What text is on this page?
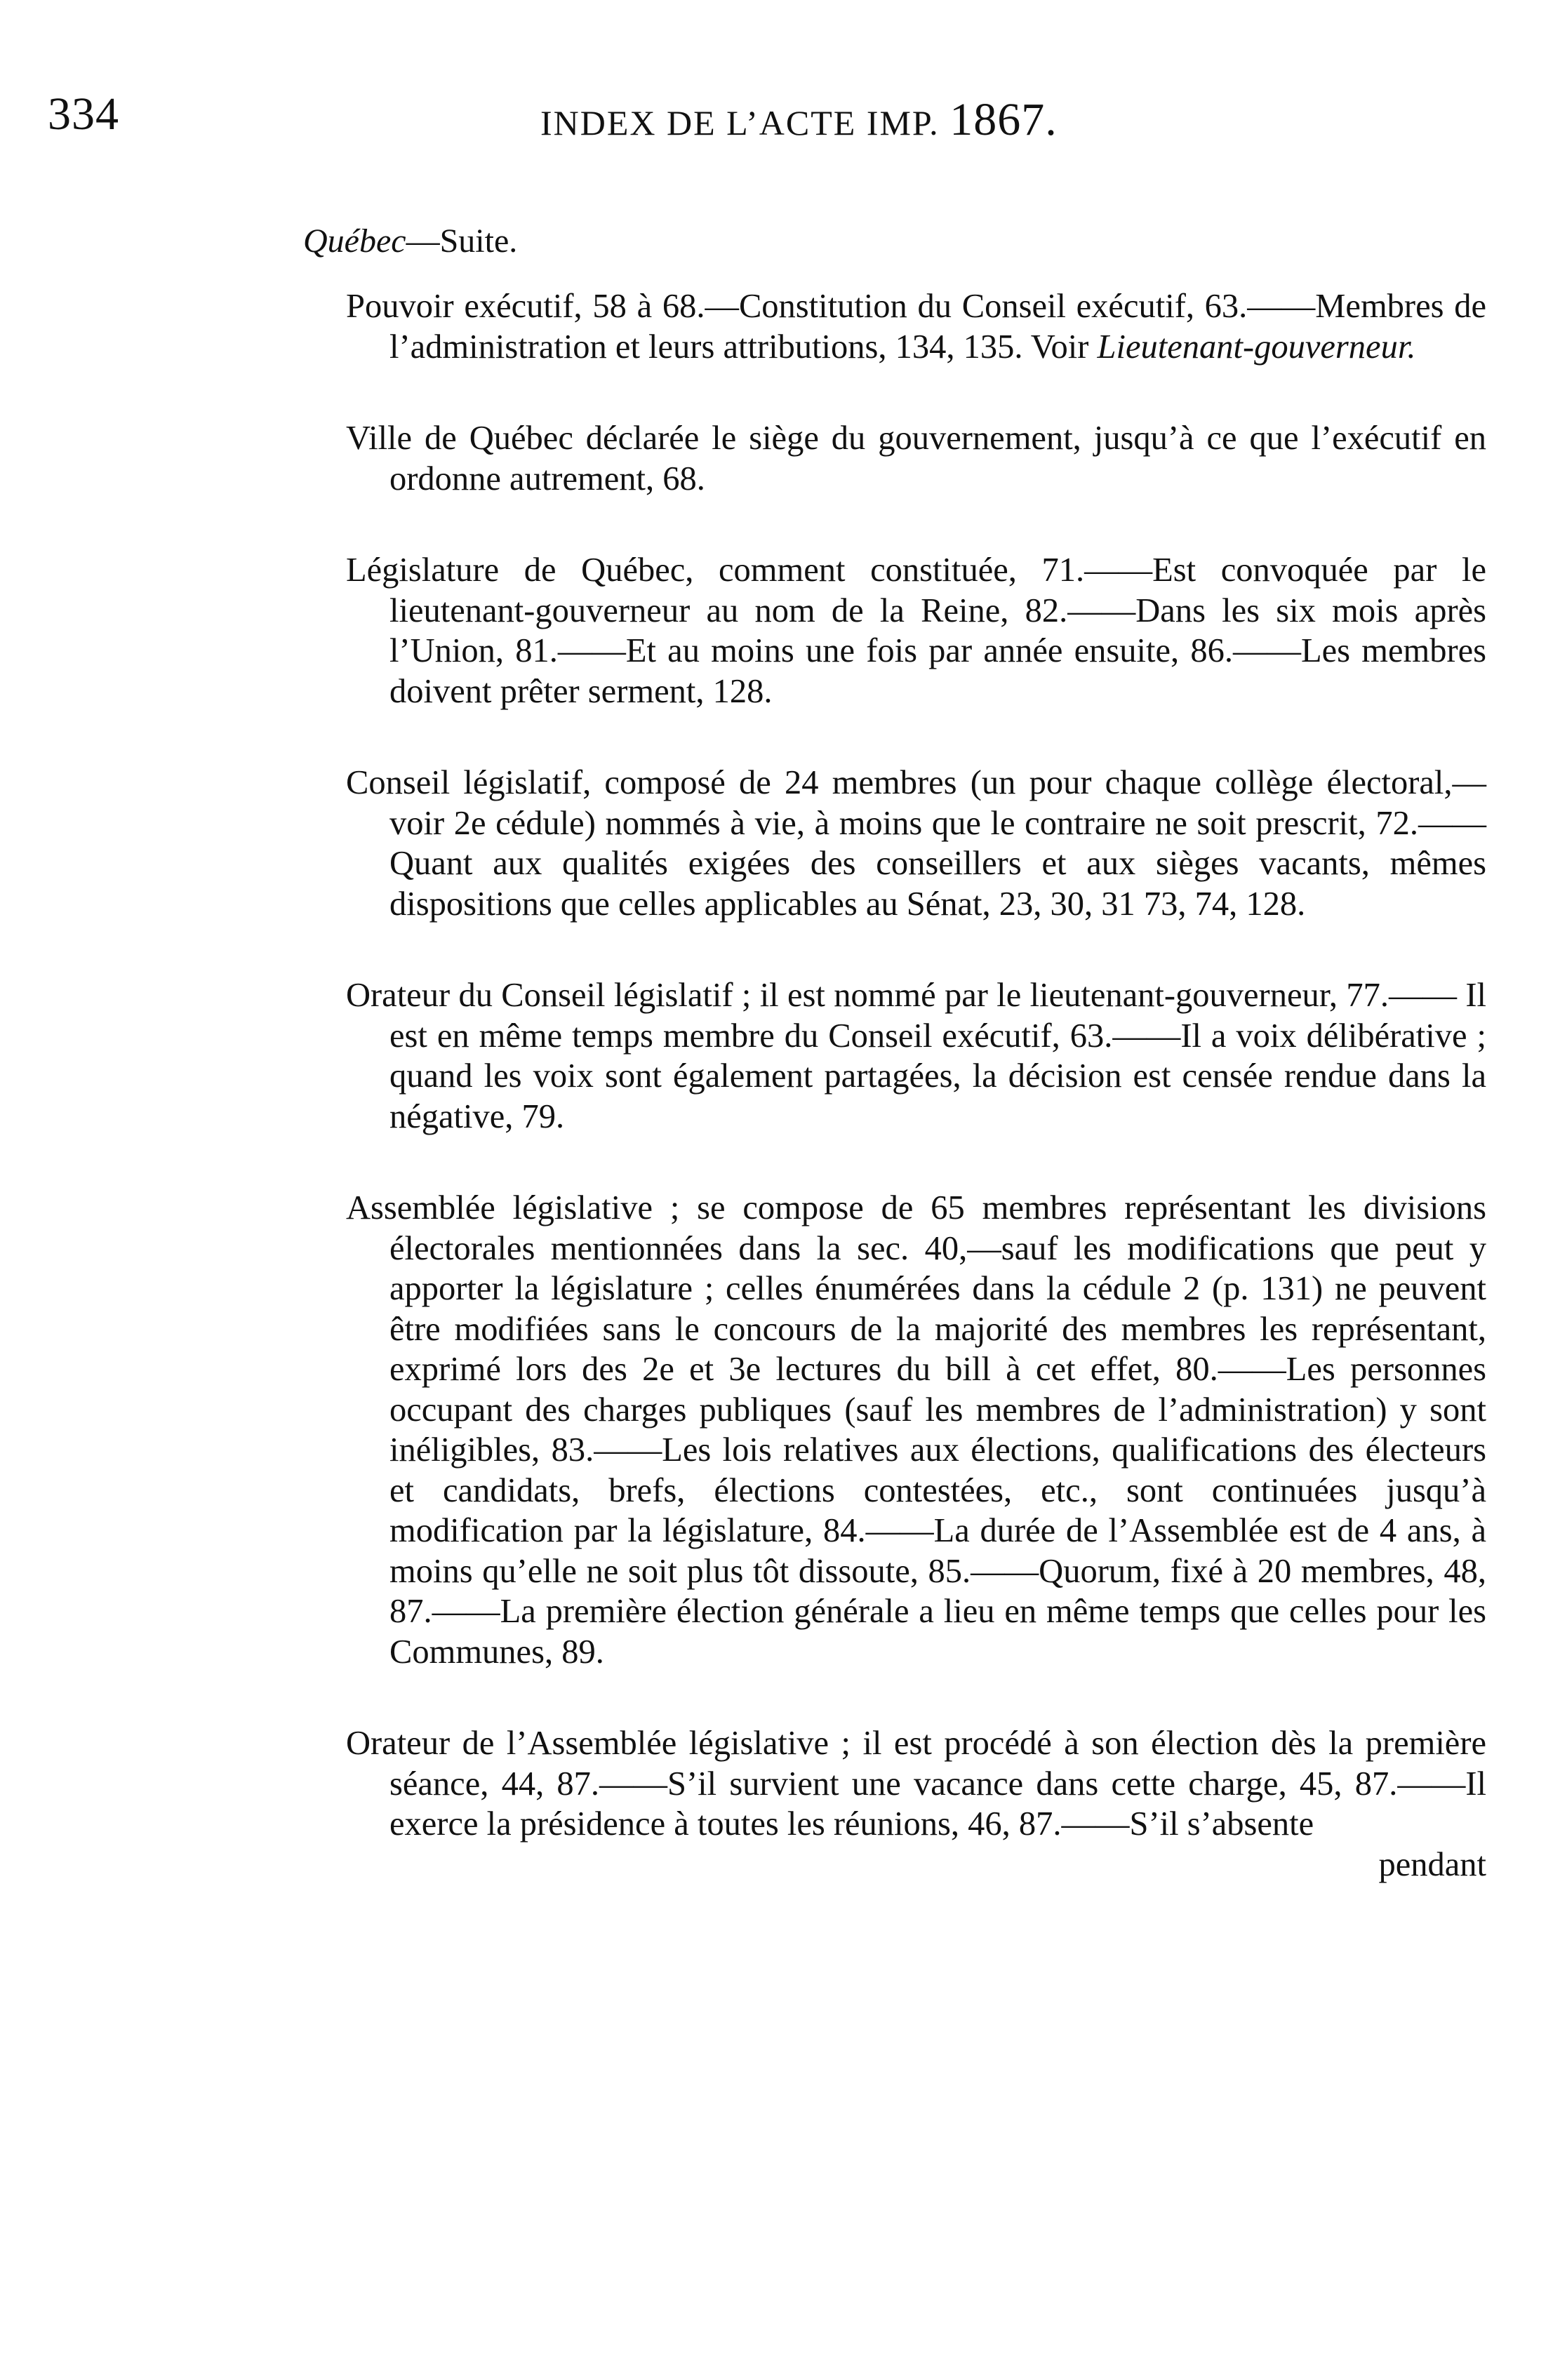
334	INDEX DE L’ACTE IMP. 1867.
Québec—Suite.

Pouvoir exécutif, 58 à 68.—Constitution du Conseil exécutif, 63.——Membres de l’administration et leurs attributions, 134, 135. Voir Lieutenant-gouverneur.

Ville de Québec déclarée le siège du gouvernement, jusqu’à ce que l’exécutif en ordonne autrement, 68.

Législature de Québec, comment constituée, 71.——Est convoquée par le lieutenant-gouverneur au nom de la Reine, 82.——Dans les six mois après l’Union, 81.——Et au moins une fois par année ensuite, 86.——Les membres doivent prêter serment, 128.

Conseil législatif, composé de 24 membres (un pour chaque collège électoral,—voir 2e cédule) nommés à vie, à moins que le contraire ne soit prescrit, 72.——Quant aux qualités exigées des conseillers et aux sièges vacants, mêmes dispositions que celles applicables au Sénat, 23, 30, 31 73, 74, 128.

Orateur du Conseil législatif ; il est nommé par le lieutenant-gouverneur, 77.—— Il est en même temps membre du Conseil exécutif, 63.——Il a voix délibérative ; quand les voix sont également partagées, la décision est censée rendue dans la négative, 79.

Assemblée législative ; se compose de 65 membres représentant les divisions électorales mentionnées dans la sec. 40,—sauf les modifications que peut y apporter la législature ; celles énumérées dans la cédule 2 (p. 131) ne peuvent être modifiées sans le concours de la majorité des membres les représentant, exprimé lors des 2e et 3e lectures du bill à cet effet, 80.——Les personnes occupant des charges publiques (sauf les membres de l’administration) y sont inéligibles, 83.——Les lois relatives aux élections, qualifications des électeurs et candidats, brefs, élections contestées, etc., sont continuées jusqu’à modification par la législature, 84.——La durée de l’Assemblée est de 4 ans, à moins qu’elle ne soit plus tôt dissoute, 85.——Quorum, fixé à 20 membres, 48, 87.——La première élection générale a lieu en même temps que celles pour les Communes, 89.

Orateur de l’Assemblée législative ; il est procédé à son élection dès la première séance, 44, 87.——S’il survient une vacance dans cette charge, 45, 87.——Il exerce la présidence à toutes les réunions, 46, 87.——S’il s’absente
pendant
